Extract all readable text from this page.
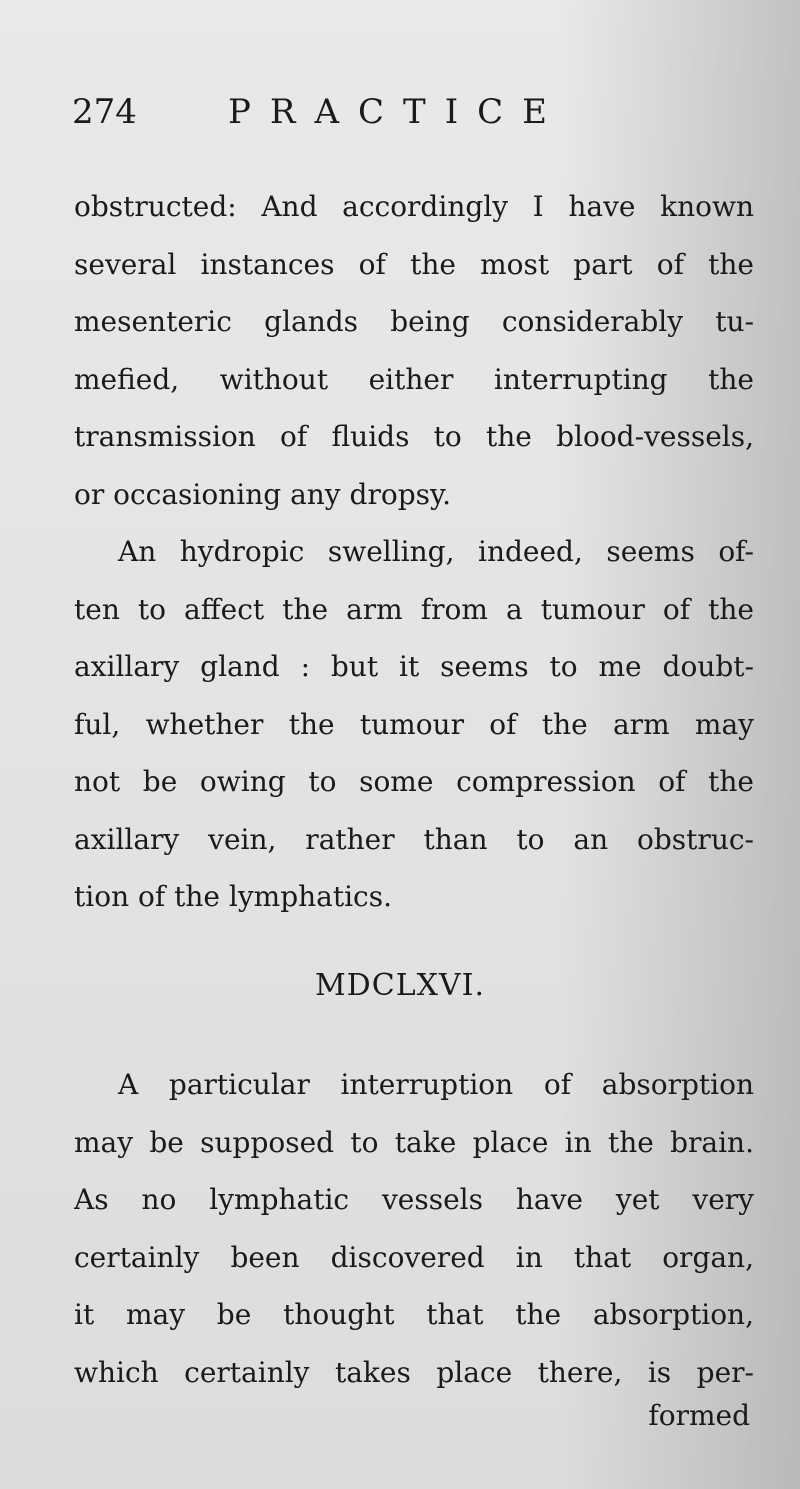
274	PRACTICE
obstructed: And accordingly I have known
several instances of the most part of the
mesenteric glands being considerably tu-
mefied, without either interrupting the
transmission of fluids to the blood-vessels,
or occasioning any dropsy.
An hydropic swelling, indeed, seems of-
ten to affect the arm from a tumour of the
axillary gland : but it seems to me doubt-
ful, whether the tumour of the arm may
not be owing to some compression of the
axillary vein, rather than to an obstruc-
tion of the lymphatics.
MDCLXVI.
A particular interruption of absorption
may be supposed to take place in the brain.
As no lymphatic vessels have yet very
certainly been discovered in that organ,
it may be thought that the absorption,
which certainly takes place there, is per-
formed
